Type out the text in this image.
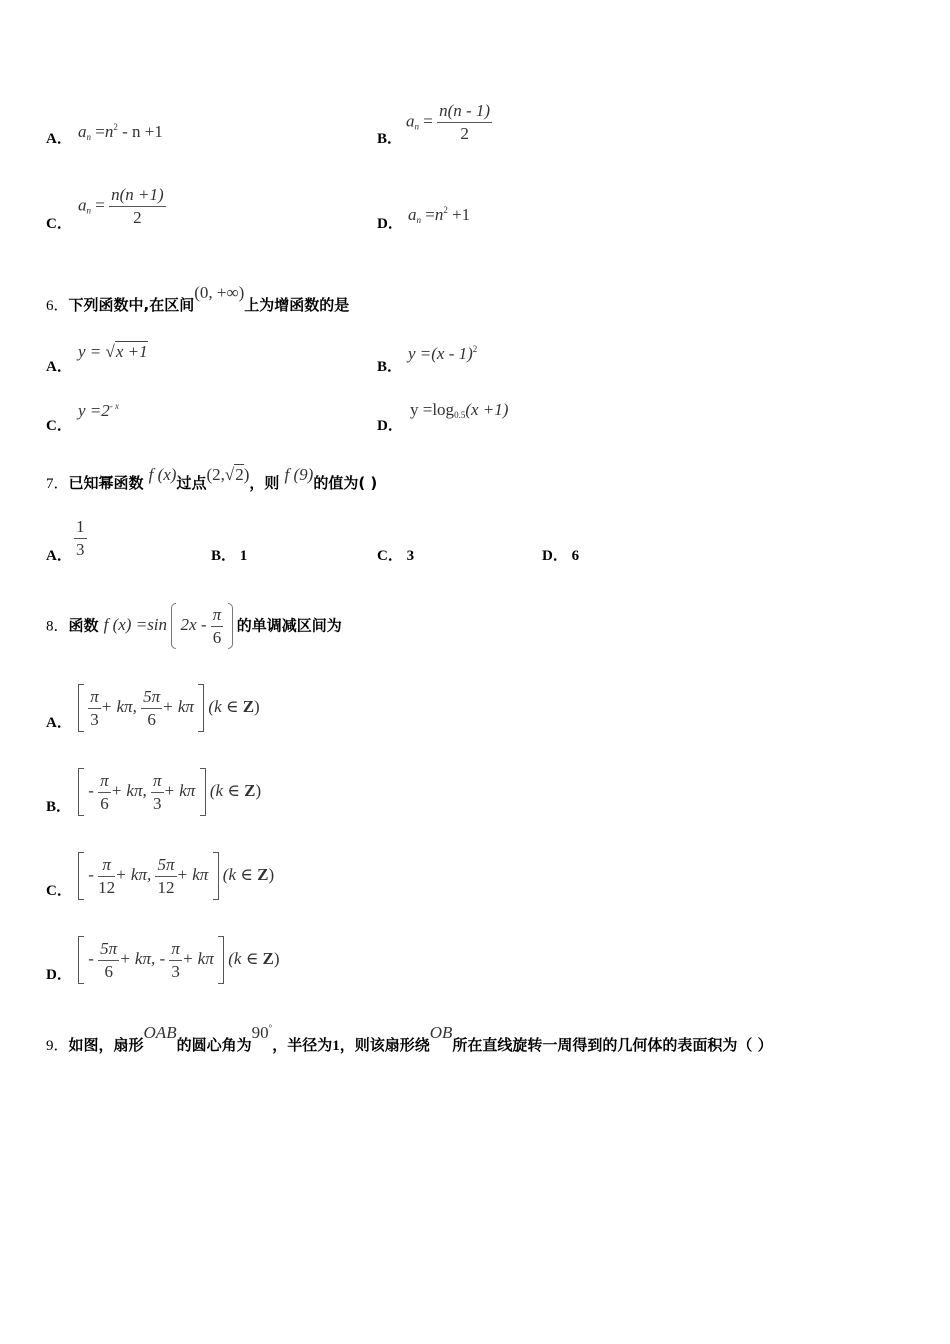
A． $a_n =n^2 - n +1$	B．
$a_n = \frac{n(n - 1)}{2}$
C．
$a_n = \frac{n(n +1)}{2}$	D． $a_n =n^2 +1$
6．下列函数中,在区间(0, +∞)上为增函数的是
A．
y = √x +1
B．
y =(x - 1)$^2$
C．
$y =2^{- x}$
D．
$y =\log_{0.5}(x +1)$
7．已知幂函数 f (x)过点(2,√2)，则 f (9)的值为( )
A． $\frac{1}{3}$	B． 1	C． 3	D． 6
8．函数 f (x) =sin $2x - \frac{\pi}{6}$ 的单调减区间为
A．
$\frac{\pi}{3} + k\pi$, $\frac{5\pi}{6} + k\pi$ (k ∈ Z)
B．
- $\frac{\pi}{6} + k\pi$, $\frac{\pi}{3} + k\pi$ (k ∈ Z)
C．
- $\frac{\pi}{12} + k\pi$, $\frac{5\pi}{12} + k\pi$ (k ∈ Z)
D．
- $\frac{5\pi}{6} + k\pi$, - $\frac{\pi}{3} + k\pi$ (k ∈ Z)
9．如图，扇形OAB的圆心角为90°，半径为1，则该扇形绕OB所在直线旋转一周得到的几何体的表面积为（ ）
